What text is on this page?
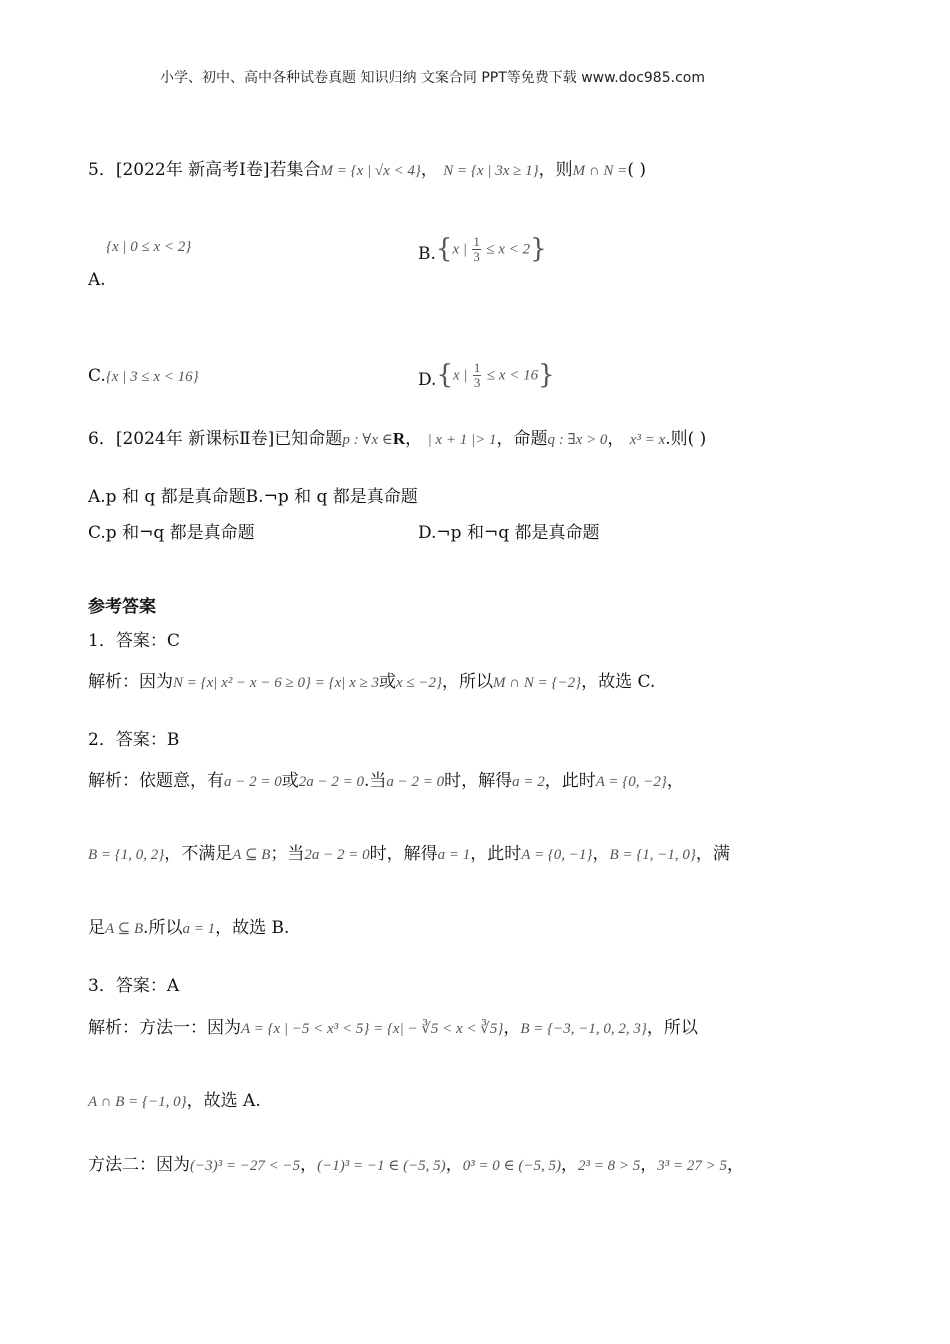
小学、初中、高中各种试卷真题 知识归纳 文案合同 PPT等免费下载 www.doc985.com
5．[2022年 新高考Ⅰ卷]若集合M = {x | √x < 4}， N = {x | 3x ≥ 1}，则M ∩ N =( )
{x | 0 ≤ x < 2}
A.
B.{x | $\frac{1}{3} \le x < 2$}
C.{x | 3 ≤ x < 16}	D.{x | $\frac{1}{3} \le x < 16$}
6．[2024年 新课标Ⅱ卷]已知命题p : ∀x ∈R， | x + 1 |> 1，命题q : ∃x > 0， x³ = x.则( )
A.p 和 q 都是真命题B.¬p 和 q 都是真命题
C.p 和¬q 都是真命题	D.¬p 和¬q 都是真命题
参考答案
1．答案：C
解析：因为N = {x| x² − x − 6 ≥ 0} = {x| x ≥ 3或x ≤ −2}，所以M ∩ N = {−2}，故选 C.
2．答案：B
解析：依题意，有a − 2 = 0或2a − 2 = 0.当a − 2 = 0时，解得a = 2，此时A = {0, −2}，
B = {1, 0, 2}，不满足A ⊆ B；当2a − 2 = 0时，解得a = 1，此时A = {0, −1}，B = {1, −1, 0}，满
足A ⊆ B.所以a = 1，故选 B.
3．答案：A
解析：方法一：因为A = {x | −5 < x³ < 5} = {x| − ∛5 < x < ∛5}，B = {−3, −1, 0, 2, 3}，所以
A ∩ B = {−1, 0}，故选 A.
方法二：因为(−3)³ = −27 < −5，(−1)³ = −1 ∈ (−5, 5)，0³ = 0 ∈ (−5, 5)，2³ = 8 > 5，3³ = 27 > 5，
